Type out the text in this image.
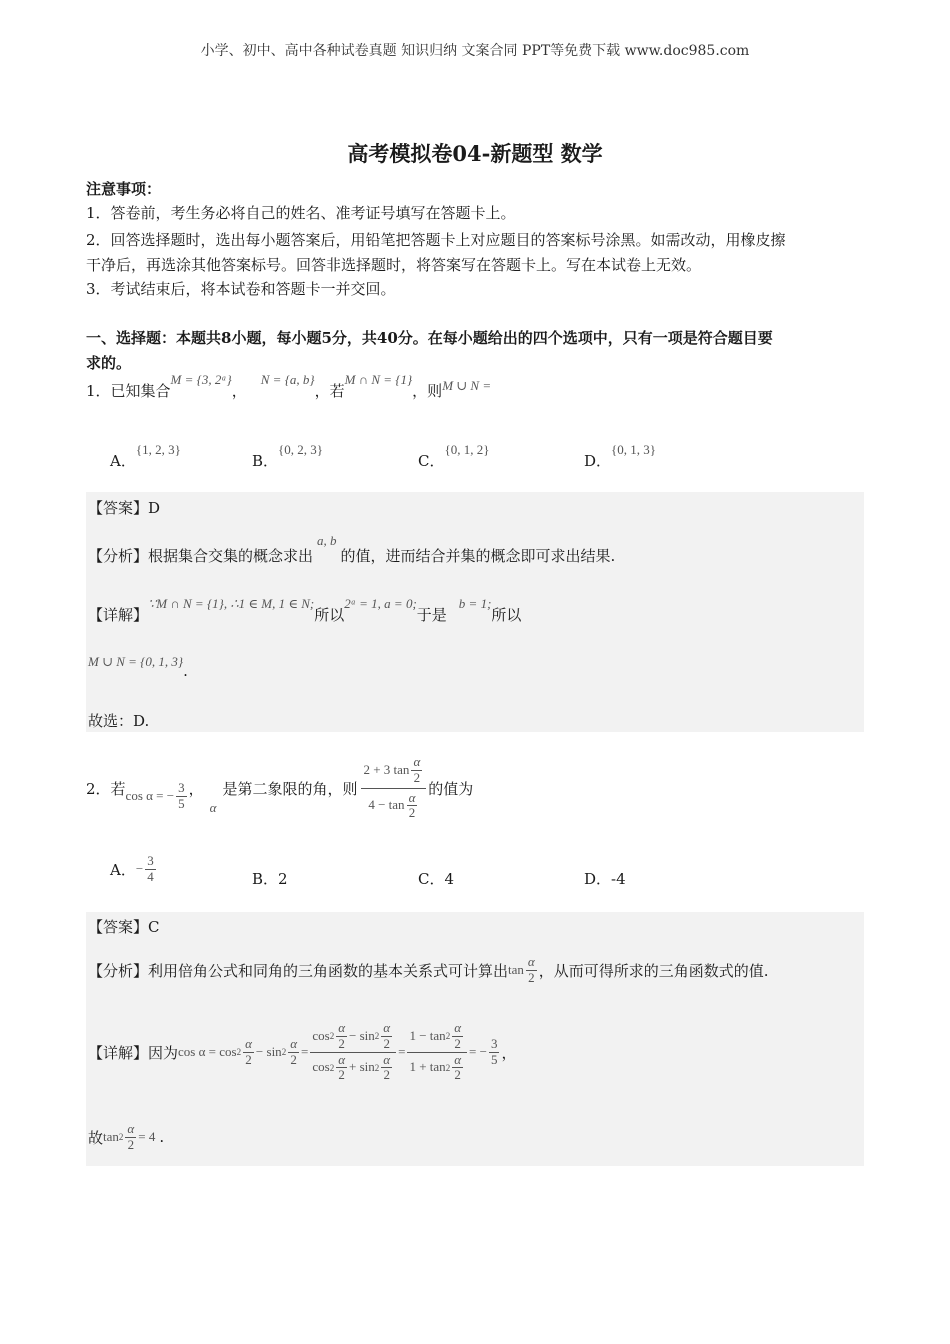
小学、初中、高中各种试卷真题 知识归纳 文案合同 PPT等免费下载 www.doc985.com
高考模拟卷04-新题型 数学
注意事项：
1．答卷前，考生务必将自己的姓名、准考证号填写在答题卡上。
2．回答选择题时，选出每小题答案后，用铅笔把答题卡上对应题目的答案标号涂黑。如需改动，用橡皮擦
干净后，再选涂其他答案标号。回答非选择题时，将答案写在答题卡上。写在本试卷上无效。
3．考试结束后，将本试卷和答题卡一并交回。
一、选择题：本题共8小题，每小题5分，共40分。在每小题给出的四个选项中，只有一项是符合题目要
求的。
1．已知集合M = {3, 2ᵃ}，N = {a, b}，若M ∩ N = {1}，则M ∪ N =
A．{1, 2, 3}
B．{0, 2, 3}
C．{0, 1, 2}
D．{0, 1, 3}
【答案】D
【分析】根据集合交集的概念求出a, b的值，进而结合并集的概念即可求出结果.
【详解】∵M ∩ N = {1}, ∴1 ∈ M, 1 ∈ N;所以2ᵃ = 1, a = 0;于是b = 1;所以
M ∪ N = {0, 1, 3}.
故选：D.
2．若 cos α = − $\frac{3}{5}$ ，
α
是第二象限的角，则 $\frac{2 + 3 \tan \frac{\alpha}{2}}{4 - \tan \frac{\alpha}{2}}$ 的值为
A． − $\frac{3}{4}$	B．2	C．4	D．-4
【答案】C
【分析】 利用倍角公式和同角的三角函数的基本关系式可计算出 $\tan \frac{\alpha}{2}$ ，从而可得所求的三角函数式的值.
【详解】 因为 $\cos \alpha = \cos 2 \frac{\alpha}{2} - \sin 2 \frac{\alpha}{2} = \frac{\cos 2 \frac{\alpha}{2} - \sin 2 \frac{\alpha}{2}}{\cos 2 \frac{\alpha}{2} + \sin 2 \frac{\alpha}{2}} = \frac{1 - \tan 2 \frac{\alpha}{2}}{1 + \tan 2 \frac{\alpha}{2}}$ = − $\frac{3}{5}$ ，
故 $\tan 2 \frac{\alpha}{2} = 4$ .
